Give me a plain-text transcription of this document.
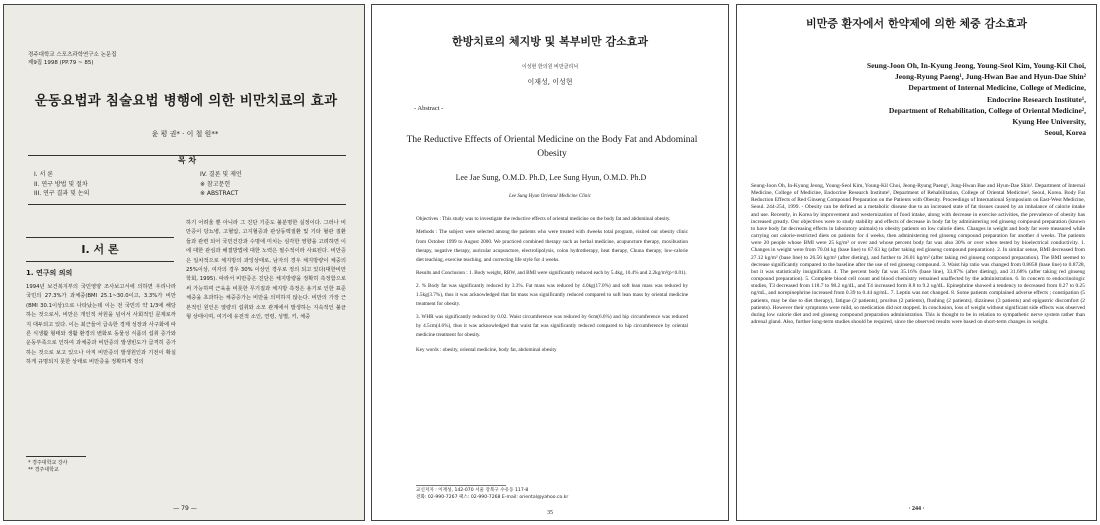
경주대학교 스포츠과학연구소 논문집
제9집 1998 (PP.79 ~ 85)
운동요법과 침술요법 병행에 의한 비만치료의 효과
윤 평 권* · 이 철 원**
목 차
I. 서 론
II. 연구 방법 및 절차
III. 연구 결과 및 논의
IV. 결론 및 제언
※ 참고문헌
※ ABSTRACT
I. 서 론
1. 연구의 의의

1994년 보건복지부의 국민영양 조사보고서에 의하면 우리나라 국민의 27.3%가 과체중(BMI 25.1~30.0이고, 3.3%가 비만(BMI 30.1이상)으로 나타났는데 이는 전 국민의 약 1/3에 해당하는 것으로서, 비만은 개인적 차원을 넘어서 사회적인 문제로까지 대두되고 있다. 이는 최근들어 급속한 경제 성장과 사구화에 따른 식생활 형태와 생활 환경의 변화로 동물성 식품의 섭취 증가와 운동부족으로 인하여 과체중과 비만증의 발생빈도가 급격히 증가하는 것으로 보고 있으나 아직 비만증의 발생원인과 기전이 확실하게 규명되지 못한 상태로 비만증을 정확하게 정의

* 경주대학교 강사
** 경주대학교

하기 어려울 뿐 아니라 그 진단 기준도 불분명한 실정이다. 그러나 비만증이 당뇨병, 고혈압, 고지혈증과 관상동맥질환 및 기타 혈관 질환들과 관련 되어 국민건강과 수명에 미치는 심각한 영향을 고려하면 이에 대한 관심과 해결방법에 대한 노력은 필수적이라 사료된다. 비만증은 일차적으로 체지방의 과잉상태로, 남자의 경우 체지방량이 체중의 25%이상, 여자의 경우 30% 이상인 경우로 정의 되고 있다(대한비만학회, 1995). 따라서 비만증은 진단은 체지방량을 정확히 측정함으로써 가능하며 근육을 비롯한 무기질과 체지방 측정은 용기로 인한 표준체중을 초과하는 체중증가는 비만을 의미하지 않는다. 비만의 가장 근본적인 원인은 열량의 섭취와 소모 관계에서 발생하는 지속적인 불균형 상태이며, 여기에 유전적 소인, 연령, 성별, 키, 체중

— 79 —
한방치료의 체지방 및 복부비만 감소효과
이성현 한의원 비만클리닉
이재성, 이성현
- Abstract -
The Reductive Effects of Oriental Medicine on the Body Fat and Abdominal Obesity
Lee Jae Sung, O.M.D. Ph.D, Lee Sung Hyun, O.M.D. Ph.D
Lee Sung Hyun Oriental Medicine Clinic

Objectives : This study was to investigate the reductive effects of oriental medicine on the body fat and abdominal obesity.

Methods : The subject were selected among the patients who were treated with 4weeks total program, visited our obesity clinic from October 1999 to August 2000. We practiced combined therapy such as herbal medicine, acupuncture therapy, moxibustion therapy, negative therapy, auricular acupuncture, electrolipolysis, colon hydrotherapy, heat therapy, Chuna therapy, low-calorie diet teaching, exercise teaching, and correcting life style for 4 weeks.

Results and Conclusion : 1. Body weight, RBW, and BMI were significantly reduced each by 5.4kg, 10.4% and 2.2kg/m²(p<0.01).

2. % Body fat was significantly reduced by 3.3%. Fat mass was reduced by 4.0kg(17.0%) and soft lean mass was reduced by 1.5kg(3.7%), thus it was acknowledged that fat mass was significantly reduced compared to soft lean mass by oriental medicine treatment for obesity.

3. WHR was significantly reduced by 0.02. Waist circumference was reduced by 6cm(6.6%) and hip circumference was reduced by 4.5cm(4.6%), thus it was acknowledged that waist fat was significantly reduced compared to hip circumference by oriental medicine treatment for obesity.

Key words : obesity, oriental medicine, body fat, abdominal obesity

교신저자 : 이재성, 142-070 서울 강북구 수유동 117-8
전화: 02-990-7267 팩스: 02-990-7268 E-mail: oriental@yahoo.co.kr
35
비만증 환자에서 한약제에 의한 체중 감소효과
Seung-Joon Oh, In-Kyung Jeong, Young-Seol Kim, Young-Kil Choi,
Jeong-Ryung Paeng¹, Jung-Hwan Bae and Hyun-Dae Shin²
Department of Internal Medicine, College of Medicine,
Endocrine Research Institute¹,
Department of Rehabilitation, College of Oriental Medicine²,
Kyung Hee University,
Seoul, Korea

Seung-Joon Oh, In-Kyung Jeong, Young-Seol Kim, Young-Kil Choi, Jeong-Ryung Paeng¹, Jung-Hwan Bae and Hyun-Dae Shin². Department of Internal Medicine, College of Medicine, Endocrine Research Institute¹, Department of Rehabilitation, College of Oriental Medicine², Seoul, Korea. Body Fat Reduction Effects of Red Ginseng Compound Preparation on the Patients with Obesity. Proceedings of International Symposium on East-West Medicine, Seoul. 244-254, 1999. - Obesity can be defined as a metabolic disease due to an increased state of fat tissues caused by an imbalance of calorie intake and use. Recently, in Korea by improvement and westernization of food intake, along with decrease in exercise activities, the prevalence of obesity has increased greatly. Our objectives were to study stability and effects of decrease in body fat by administering red ginseng compound preparation (known to have body fat decreasing effects in laboratory animals) to obesity patients on low calorie diets. Changes in weight and body fat were measured while carrying out calorie-restricted diets on patients for 4 weeks, then administering red ginseng compound preparation for another 4 weeks. The patients were 20 people whose BMI were 25 kg/m² or over and whose percent body fat was also 30% or over when tested by bioelectrical conductivity. 1. Changes in weight were from 70.04 kg (base line) to 67.63 kg (after taking red ginseng compound preparation). 2. In similar sense, BMI decreased from 27.12 kg/m² (base line) to 26.56 kg/m² (after dieting), and further to 26.01 kg/m² (after taking red ginseng compound preparation). The BMI seemed to decrease significantly compared to the baseline after the use of red ginseng compound. 3. Waist hip ratio was changed from 0.8858 (base line) to 0.8728, but it was statistically insignificant. 4. The percent body fat was 35.16% (base line), 33.87% (after dieting), and 31.68% (after taking red ginseng compound preparation). 5. Complete blood cell count and blood chemistry remained unaffected by the administration. 6. In concern to endocrinologic studies, T3 decreased from 118.7 to 98.2 ng/dL, and T4 increased form 8.8 to 9.2 ug/dL. Epinephrine showed a tendency to decreased from 0.27 to 0.25 ng/mL, and norepinephrine increased from 0.39 to 0.44 ng/mL. 7. Leptin was not changed. 8. Some patients complained adverse effects ; constipation (5 patients, may be due to diet therapy), fatigue (2 patients), pruritus (2 patients), flushing (2 patients), dizziness (3 patients) and epigastric discomfort (2 patients). However their symptoms were mild, so medication did not stopped. In conclusion, loss of weight without significant side effects was observed during low calorie diet and red ginseng compound preparation administration. This is thought to be in relation to sympathetic nerve system rather than adrenal gland. Also, further long-term studies should be required, since the observed results were based on short-term changes in weight.

· 244 ·
